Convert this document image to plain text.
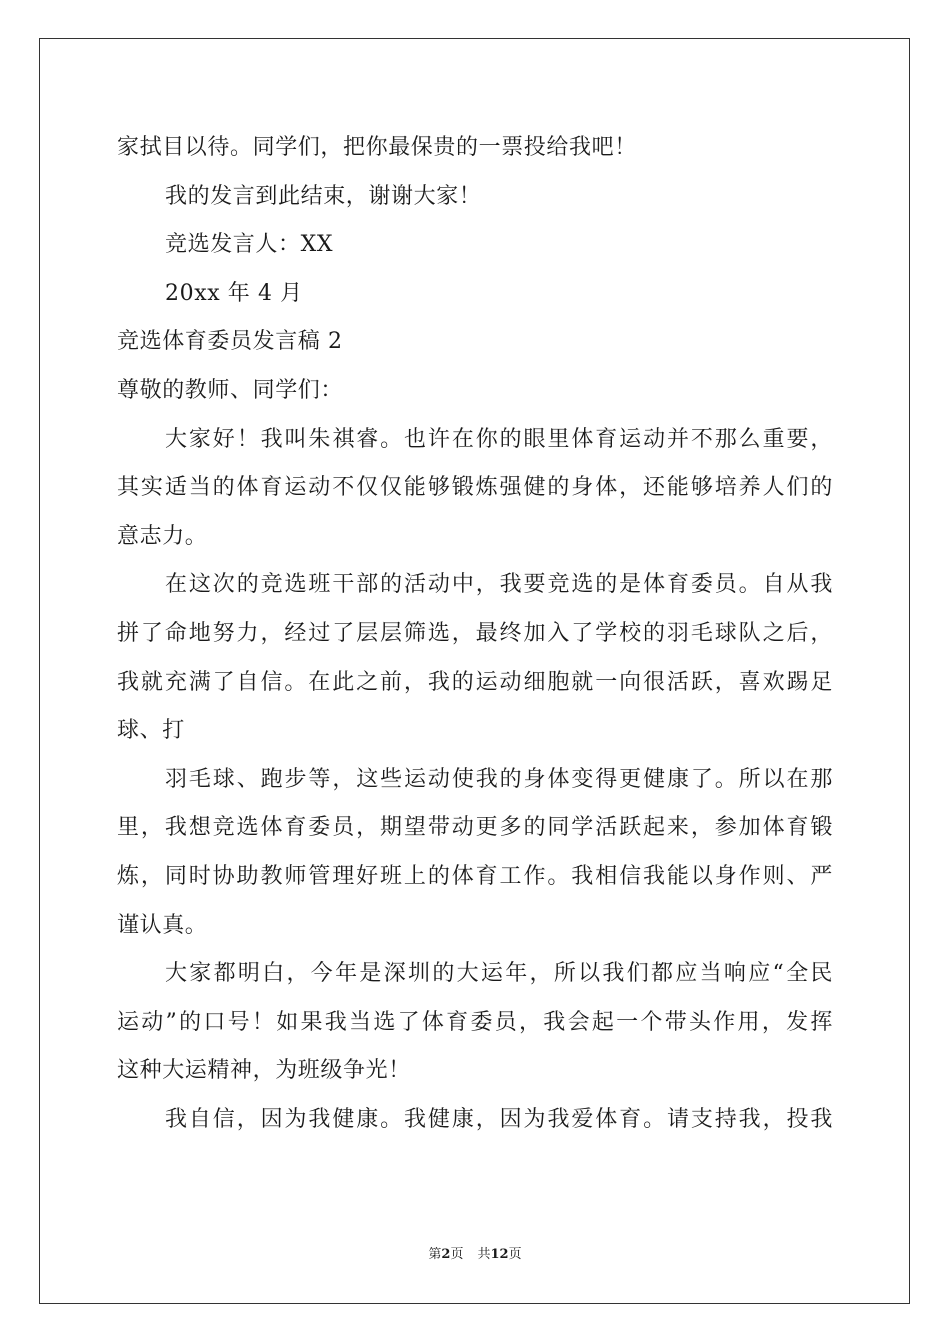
家拭目以待。同学们，把你最保贵的一票投给我吧！
我的发言到此结束，谢谢大家！
竞选发言人：XX
20xx 年 4 月
竞选体育委员发言稿 2
尊敬的教师、同学们：
大家好！我叫朱祺睿。也许在你的眼里体育运动并不那么重要，
其实适当的体育运动不仅仅能够锻炼强健的身体，还能够培养人们的
意志力。
在这次的竞选班干部的活动中，我要竞选的是体育委员。自从我
拼了命地努力，经过了层层筛选，最终加入了学校的羽毛球队之后，
我就充满了自信。在此之前，我的运动细胞就一向很活跃，喜欢踢足
球、打
羽毛球、跑步等，这些运动使我的身体变得更健康了。所以在那
里，我想竞选体育委员，期望带动更多的同学活跃起来，参加体育锻
炼，同时协助教师管理好班上的体育工作。我相信我能以身作则、严
谨认真。
大家都明白，今年是深圳的大运年，所以我们都应当响应“全民
运动”的口号！如果我当选了体育委员，我会起一个带头作用，发挥
这种大运精神，为班级争光！
我自信，因为我健康。我健康，因为我爱体育。请支持我，投我
第2页 共12页
